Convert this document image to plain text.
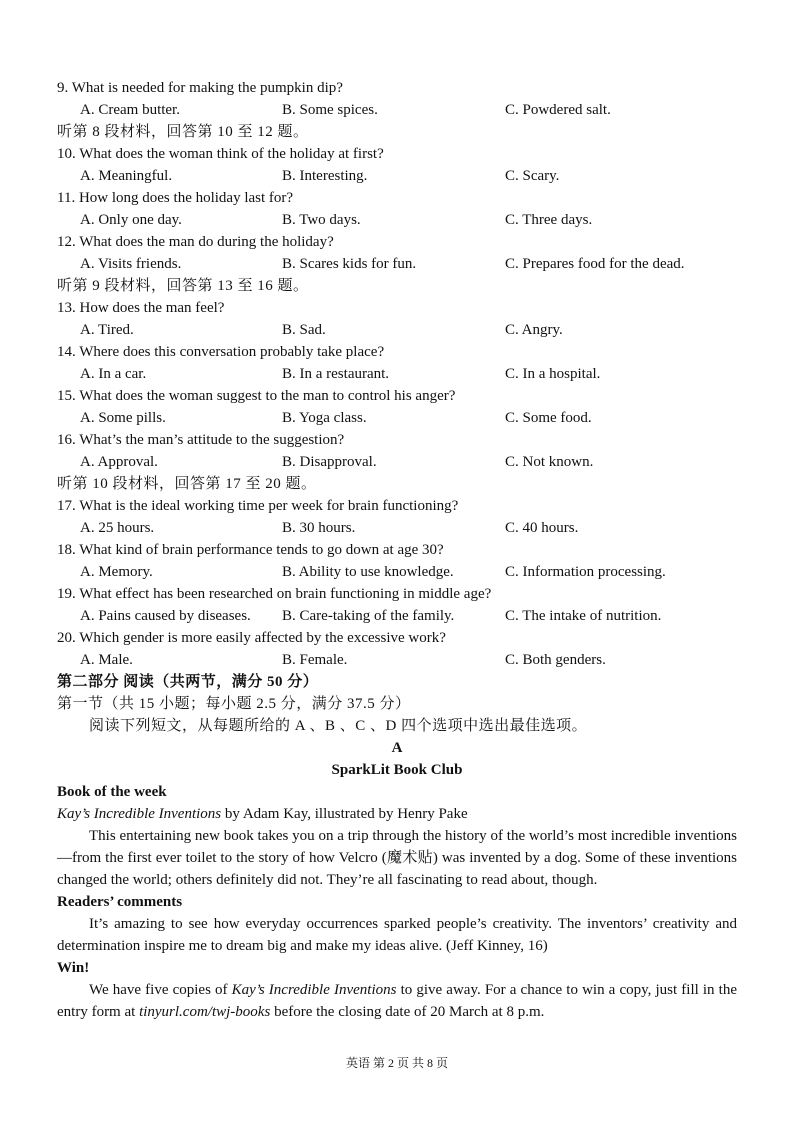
9. What is needed for making the pumpkin dip?
A. Cream butter.	B. Some spices.	C. Powdered salt.
听第 8 段材料，回答第 10 至 12 题。
10. What does the woman think of the holiday at first?
A. Meaningful.	B. Interesting.	C. Scary.
11. How long does the holiday last for?
A. Only one day.	B. Two days.	C. Three days.
12. What does the man do during the holiday?
A. Visits friends.	B. Scares kids for fun.	C. Prepares food for the dead.
听第 9 段材料，回答第 13 至 16 题。
13. How does the man feel?
A. Tired.	B. Sad.	C. Angry.
14. Where does this conversation probably take place?
A. In a car.	B. In a restaurant.	C. In a hospital.
15. What does the woman suggest to the man to control his anger?
A. Some pills.	B. Yoga class.	C. Some food.
16. What’s the man’s attitude to the suggestion?
A. Approval.	B. Disapproval.	C. Not known.
听第 10 段材料，回答第 17 至 20 题。
17. What is the ideal working time per week for brain functioning?
A. 25 hours.	B. 30 hours.	C. 40 hours.
18. What kind of brain performance tends to go down at age 30?
A. Memory.	B. Ability to use knowledge.	C. Information processing.
19. What effect has been researched on brain functioning in middle age?
A. Pains caused by diseases. B. Care-taking of the family.	C. The intake of nutrition.
20. Which gender is more easily affected by the excessive work?
A. Male.	B. Female.	C. Both genders.
第二部分 阅读（共两节，满分 50 分）
第一节（共 15 小题；每小题 2.5 分，满分 37.5 分）
阅读下列短文，从每题所给的 A 、B 、C 、D 四个选项中选出最佳选项。
A
SparkLit Book Club
Book of the week
Kay’s Incredible Inventions by Adam Kay, illustrated by Henry Pake
This entertaining new book takes you on a trip through the history of the world’s most incredible inventions—from the first ever toilet to the story of how Velcro (魔术贴) was invented by a dog. Some of these inventions changed the world; others definitely did not. They’re all fascinating to read about, though.
Readers’ comments
It’s amazing to see how everyday occurrences sparked people’s creativity. The inventors’ creativity and determination inspire me to dream big and make my ideas alive. (Jeff Kinney, 16)
Win!
We have five copies of Kay’s Incredible Inventions to give away. For a chance to win a copy, just fill in the entry form at tinyurl.com/twj-books before the closing date of 20 March at 8 p.m.
英语 第 2 页 共 8 页
